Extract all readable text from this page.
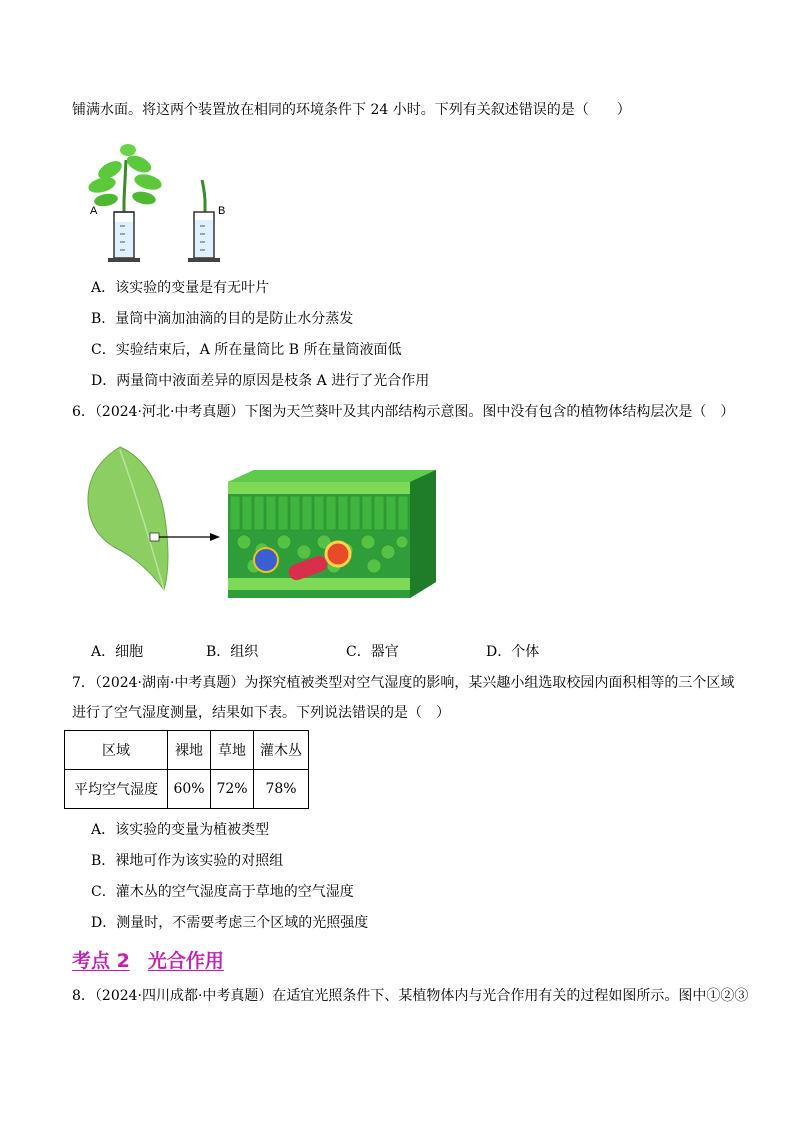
铺满水面。将这两个装置放在相同的环境条件下 24 小时。下列有关叙述错误的是（　　）
A	B
A．该实验的变量是有无叶片
B．量筒中滴加油滴的目的是防止水分蒸发
C．实验结束后，A 所在量筒比 B 所在量筒液面低
D．两量筒中液面差异的原因是枝条 A 进行了光合作用
6．（2024·河北·中考真题）下图为天竺葵叶及其内部结构示意图。图中没有包含的植物体结构层次是（　）
A．细胞	B．组织	C．器官	D．个体
7．（2024·湖南·中考真题）为探究植被类型对空气湿度的影响，某兴趣小组选取校园内面积相等的三个区域
进行了空气湿度测量，结果如下表。下列说法错误的是（　）
区域	裸地	草地	灌木丛
平均空气湿度	60%	72%	78%
A．该实验的变量为植被类型
B．裸地可作为该实验的对照组
C．灌木丛的空气湿度高于草地的空气湿度
D．测量时，不需要考虑三个区域的光照强度
考点 2 光合作用
8．（2024·四川成都·中考真题）在适宜光照条件下、某植物体内与光合作用有关的过程如图所示。图中①②③
